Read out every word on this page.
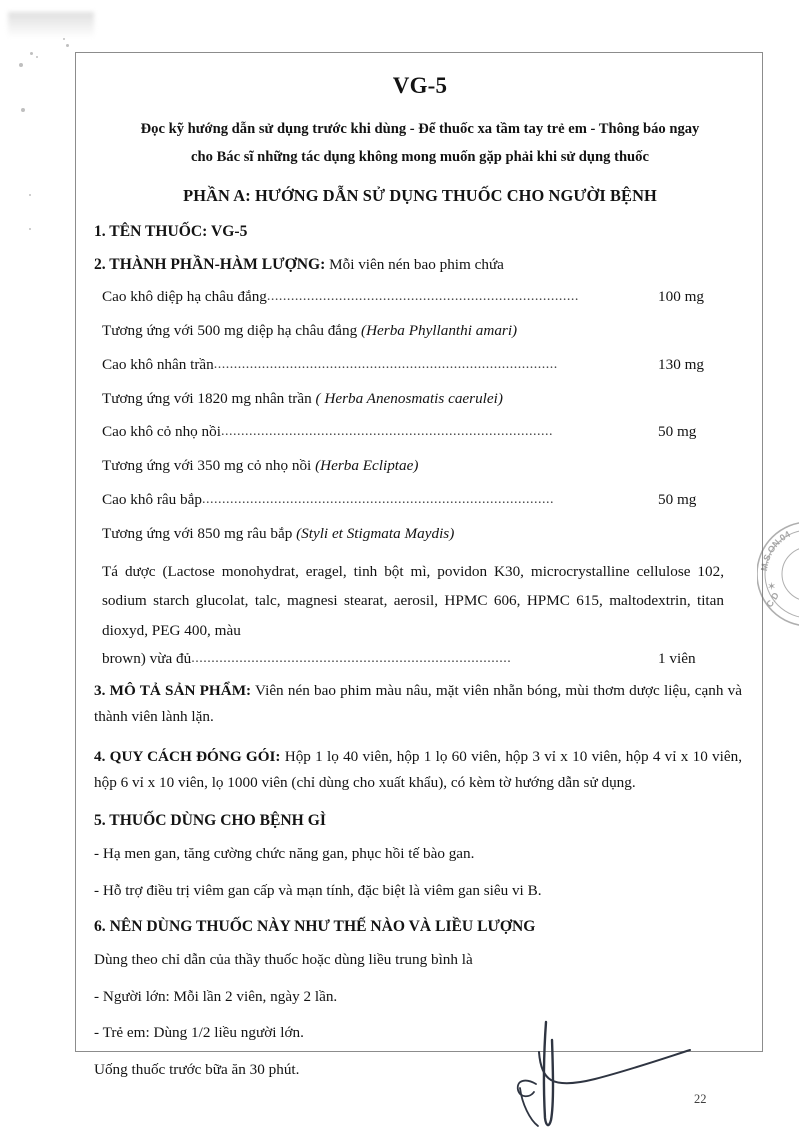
VG-5
Đọc kỹ hướng dẫn sử dụng trước khi dùng - Để thuốc xa tầm tay trẻ em - Thông báo ngay
cho Bác sĩ những tác dụng không mong muốn gặp phải khi sử dụng thuốc
PHẦN A: HƯỚNG DẪN SỬ DỤNG THUỐC CHO NGƯỜI BỆNH
1. TÊN THUỐC: VG-5
2. THÀNH PHẦN-HÀM LƯỢNG: Mỗi viên nén bao phim chứa
Cao khô diệp hạ châu đắng ..............................................................................	100 mg
Tương ứng với 500 mg diệp hạ châu đắng (Herba Phyllanthi amari)
Cao khô nhân trần ......................................................................................	130 mg
Tương ứng với 1820 mg nhân trần ( Herba Anenosmatis caerulei)
Cao khô cỏ nhọ nồi ...................................................................................	50 mg
Tương ứng với 350 mg cỏ nhọ nồi (Herba Ecliptae)
Cao khô râu bắp ........................................................................................	50 mg
Tương ứng với 850 mg râu bắp (Styli et Stigmata Maydis)
Tá dược (Lactose monohydrat, eragel, tinh bột mì, povidon K30, microcrystalline cellulose 102, sodium starch glucolat, talc, magnesi stearat, aerosil, HPMC 606, HPMC 615, maltodextrin, titan dioxyd, PEG 400, màu
brown) vừa đủ ................................................................................	1 viên
3. MÔ TẢ SẢN PHẨM: Viên nén bao phim màu nâu, mặt viên nhẵn bóng, mùi thơm dược liệu, cạnh và thành viên lành lặn.
4. QUY CÁCH ĐÓNG GÓI: Hộp 1 lọ 40 viên, hộp 1 lọ 60 viên, hộp 3 vỉ x 10 viên, hộp 4 vỉ x 10 viên, hộp 6 vỉ x 10 viên, lọ 1000 viên (chỉ dùng cho xuất khẩu), có kèm tờ hướng dẫn sử dụng.
5. THUỐC DÙNG CHO BỆNH GÌ
- Hạ men gan, tăng cường chức năng gan, phục hồi tế bào gan.
- Hỗ trợ điều trị viêm gan cấp và mạn tính, đặc biệt là viêm gan siêu vi B.
6. NÊN DÙNG THUỐC NÀY NHƯ THẾ NÀO VÀ LIỀU LƯỢNG
Dùng theo chỉ dẫn của thầy thuốc hoặc dùng liều trung bình là
- Người lớn: Mỗi lần 2 viên, ngày 2 lần.
- Trẻ em: Dùng 1/2 liều người lớn.
Uống thuốc trước bữa ăn 30 phút.
M.S.ON.04
C.D
✶
22
